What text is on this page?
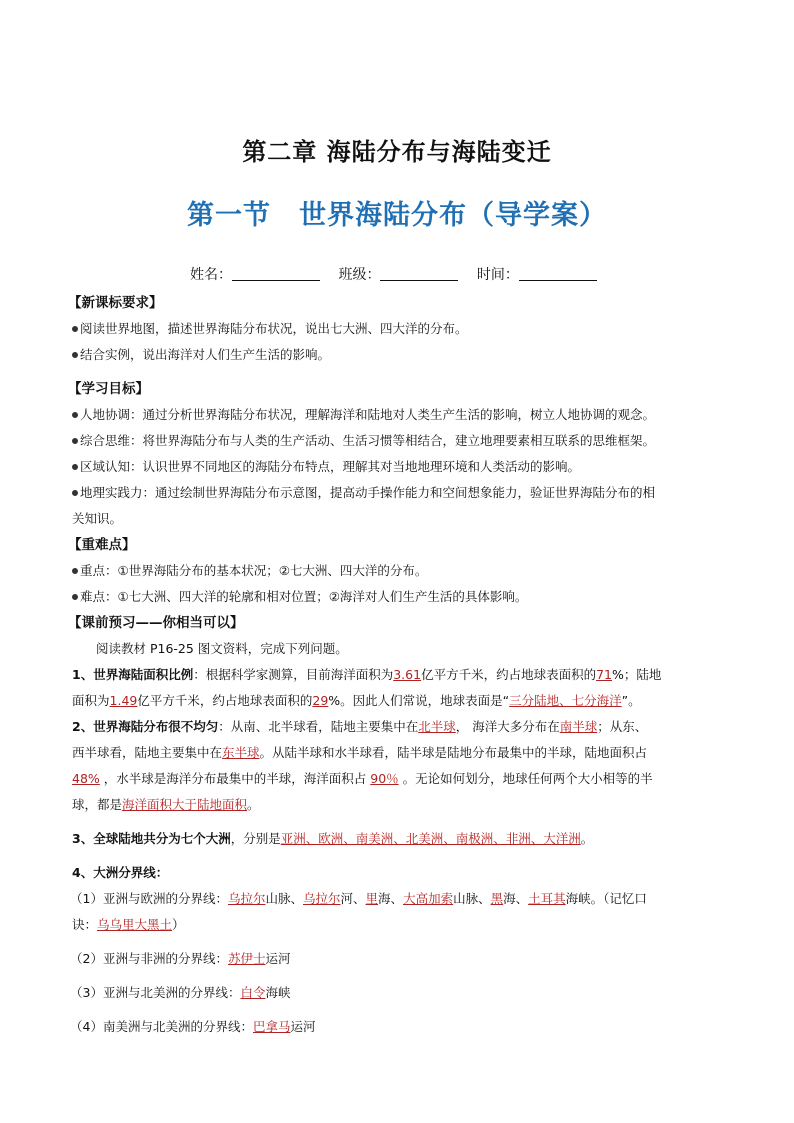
第二章 海陆分布与海陆变迁
第一节　世界海陆分布（导学案）
姓名：	班级：	时间：
【新课标要求】
阅读世界地图，描述世界海陆分布状况，说出七大洲、四大洋的分布。
结合实例，说出海洋对人们生产生活的影响。
【学习目标】
人地协调：通过分析世界海陆分布状况，理解海洋和陆地对人类生产生活的影响，树立人地协调的观念。
综合思维：将世界海陆分布与人类的生产活动、生活习惯等相结合，建立地理要素相互联系的思维框架。
区域认知：认识世界不同地区的海陆分布特点，理解其对当地地理环境和人类活动的影响。
地理实践力：通过绘制世界海陆分布示意图，提高动手操作能力和空间想象能力，验证世界海陆分布的相
关知识。
【重难点】
重点：①世界海陆分布的基本状况；②七大洲、四大洋的分布。
难点：①七大洲、四大洋的轮廓和相对位置；②海洋对人们生产生活的具体影响。
【课前预习——你相当可以】
阅读教材 P16-25 图文资料，完成下列问题。
1、世界海陆面积比例：根据科学家测算，目前海洋面积为3.61亿平方千米，约占地球表面积的71%；陆地
面积为1.49亿平方千米，约占地球表面积的29%。因此人们常说，地球表面是“三分陆地、七分海洋”。
2、世界海陆分布很不均匀：从南、北半球看，陆地主要集中在北半球， 海洋大多分布在南半球；从东、
西半球看，陆地主要集中在东半球。从陆半球和水半球看，陆半球是陆地分布最集中的半球，陆地面积占
48% ，水半球是海洋分布最集中的半球，海洋面积占 90％ 。无论如何划分，地球任何两个大小相等的半
球，都是海洋面积大于陆地面积。
3、全球陆地共分为七个大洲，分别是亚洲、欧洲、南美洲、北美洲、南极洲、非洲、大洋洲。
4、大洲分界线：
（1）亚洲与欧洲的分界线：乌拉尔山脉、乌拉尔河、里海、大高加索山脉、黑海、土耳其海峡。（记忆口
诀：乌乌里大黑土）
（2）亚洲与非洲的分界线：苏伊士运河
（3）亚洲与北美洲的分界线：白令海峡
（4）南美洲与北美洲的分界线：巴拿马运河
